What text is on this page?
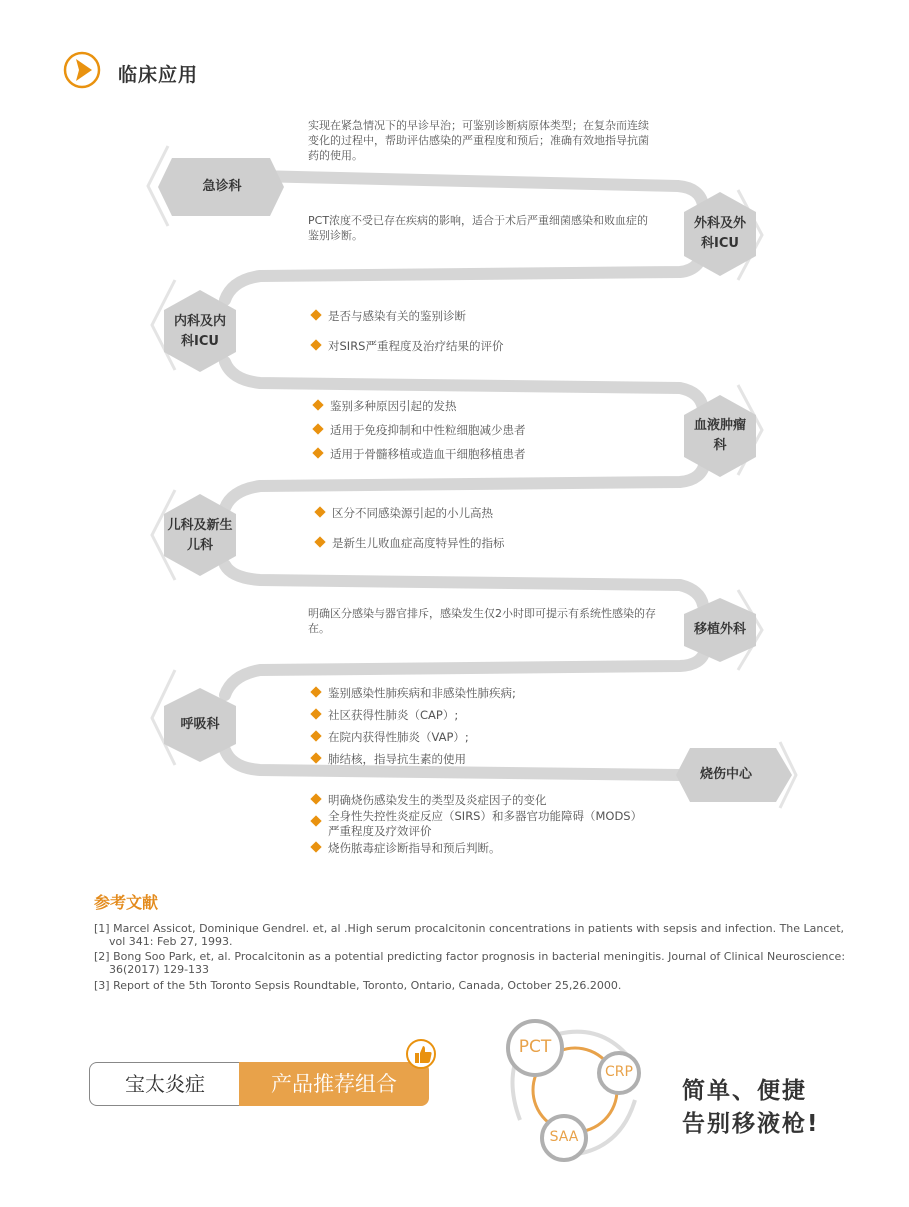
临床应用
急诊科
外科及外科ICU
内科及内科ICU
血液肿瘤科
儿科及新生儿科
移植外科
呼吸科
烧伤中心
实现在紧急情况下的早诊早治；可鉴别诊断病原体类型；在复杂而连续变化的过程中，帮助评估感染的严重程度和预后；准确有效地指导抗菌药的使用。
PCT浓度不受已存在疾病的影响，适合于术后严重细菌感染和败血症的鉴别诊断。
明确区分感染与器官排斥，感染发生仅2小时即可提示有系统性感染的存在。
是否与感染有关的鉴别诊断
对SIRS严重程度及治疗结果的评价
鉴别多种原因引起的发热
适用于免疫抑制和中性粒细胞减少患者
适用于骨髓移植或造血干细胞移植患者
区分不同感染源引起的小儿高热
是新生儿败血症高度特异性的指标
鉴别感染性肺疾病和非感染性肺疾病;
社区获得性肺炎（CAP）;
在院内获得性肺炎（VAP）;
肺结核，指导抗生素的使用
明确烧伤感染发生的类型及炎症因子的变化
全身性失控性炎症反应（SIRS）和多器官功能障碍（MODS）严重程度及疗效评价
烧伤脓毒症诊断指导和预后判断。
参考文献
[1] Marcel Assicot, Dominique Gendrel. et, al .High serum procalcitonin concentrations in patients with sepsis and infection. The Lancet,
vol 341: Feb 27, 1993.
[2] Bong Soo Park, et, al. Procalcitonin as a potential predicting factor prognosis in bacterial meningitis. Journal of Clinical Neuroscience:
36(2017) 129-133
[3] Report of the 5th Toronto Sepsis Roundtable, Toronto, Ontario, Canada, October 25,26.2000.
宝太炎症	产品推荐组合
PCT
CRP
SAA
简单、便捷
告别移液枪!
